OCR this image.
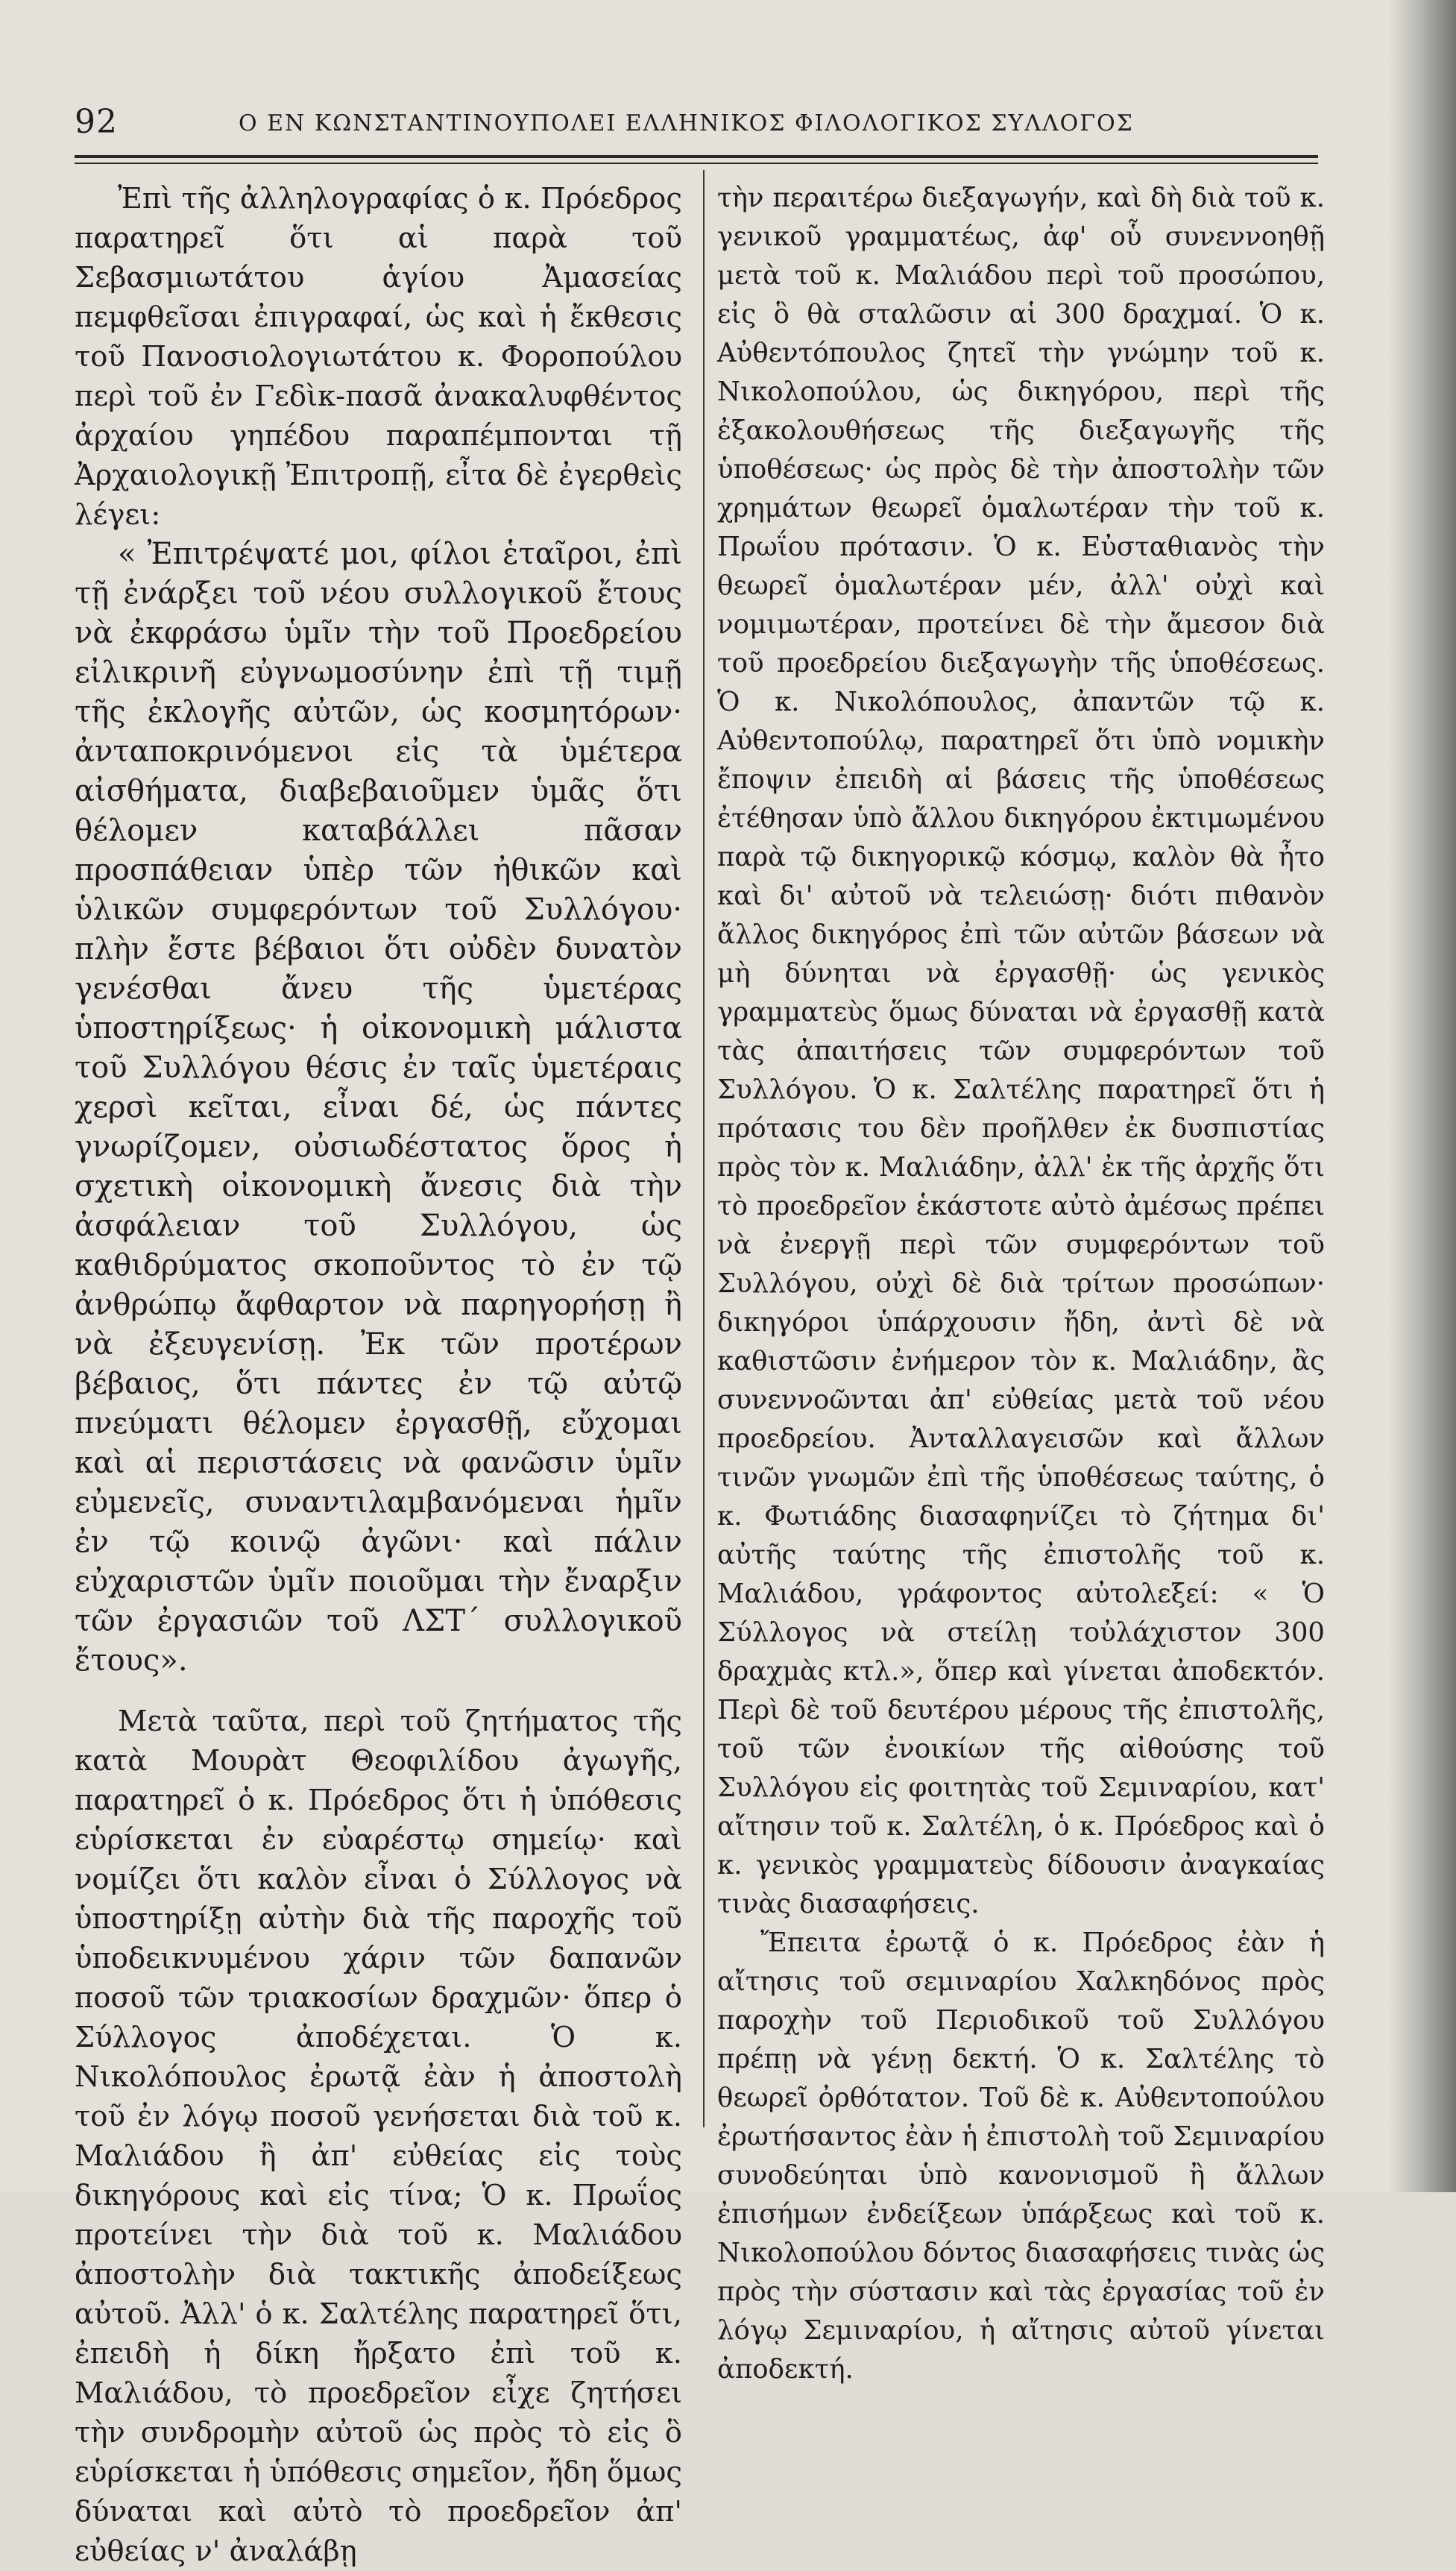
92	Ο ΕΝ ΚΩΝΣΤΑΝΤΙΝΟΥΠΟΛΕΙ ΕΛΛΗΝΙΚΟΣ ΦΙΛΟΛΟΓΙΚΟΣ ΣΥΛΛΟΓΟΣ

Ἐπὶ τῆς ἀλληλογραφίας ὁ κ. Πρόεδρος παρατηρεῖ ὅτι αἱ παρὰ τοῦ Σεβασμιωτάτου ἁγίου Ἀμασείας πεμφθεῖσαι ἐπιγραφαί, ὡς καὶ ἡ ἔκθεσις τοῦ Πανοσιολογιωτάτου κ. Φοροπούλου περὶ τοῦ ἐν Γεδὶκ-πασᾶ ἀνακαλυφθέντος ἀρχαίου γηπέδου παραπέμπονται τῇ Ἀρχαιολογικῇ Ἐπιτροπῇ, εἶτα δὲ ἐγερθεὶς λέγει:

« Ἐπιτρέψατέ μοι, φίλοι ἑταῖροι, ἐπὶ τῇ ἐνάρξει τοῦ νέου συλλογικοῦ ἔτους νὰ ἐκφράσω ὑμῖν τὴν τοῦ Προεδρείου εἰλικρινῆ εὐγνωμοσύνην ἐπὶ τῇ τιμῇ τῆς ἐκλογῆς αὐτῶν, ὡς κοσμητόρων· ἀνταποκρινόμενοι εἰς τὰ ὑμέτερα αἰσθήματα, διαβεβαιοῦμεν ὑμᾶς ὅτι θέλομεν καταβάλλει πᾶσαν προσπάθειαν ὑπὲρ τῶν ἠθικῶν καὶ ὑλικῶν συμφερόντων τοῦ Συλλόγου· πλὴν ἔστε βέβαιοι ὅτι οὐδὲν δυνατὸν γενέσθαι ἄνευ τῆς ὑμετέρας ὑποστηρίξεως· ἡ οἰκονομικὴ μάλιστα τοῦ Συλλόγου θέσις ἐν ταῖς ὑμετέραις χερσὶ κεῖται, εἶναι δέ, ὡς πάντες γνωρίζομεν, οὐσιωδέστατος ὅρος ἡ σχετικὴ οἰκονομικὴ ἄνεσις διὰ τὴν ἀσφάλειαν τοῦ Συλλόγου, ὡς καθιδρύματος σκοποῦντος τὸ ἐν τῷ ἀνθρώπῳ ἄφθαρτον νὰ παρηγορήσῃ ἢ νὰ ἐξευγενίσῃ. Ἐκ τῶν προτέρων βέβαιος, ὅτι πάντες ἐν τῷ αὐτῷ πνεύματι θέλομεν ἐργασθῇ, εὔχομαι καὶ αἱ περιστάσεις νὰ φανῶσιν ὑμῖν εὐμενεῖς, συναντιλαμβανόμεναι ἡμῖν ἐν τῷ κοινῷ ἀγῶνι· καὶ πάλιν εὐχαριστῶν ὑμῖν ποιοῦμαι τὴν ἔναρξιν τῶν ἐργασιῶν τοῦ ΛΣΤ´ συλλογικοῦ ἔτους».

Μετὰ ταῦτα, περὶ τοῦ ζητήματος τῆς κατὰ Μουρὰτ Θεοφιλίδου ἀγωγῆς, παρατηρεῖ ὁ κ. Πρόεδρος ὅτι ἡ ὑπόθεσις εὑρίσκεται ἐν εὐαρέστῳ σημείῳ· καὶ νομίζει ὅτι καλὸν εἶναι ὁ Σύλλογος νὰ ὑποστηρίξῃ αὐτὴν διὰ τῆς παροχῆς τοῦ ὑποδεικνυμένου χάριν τῶν δαπανῶν ποσοῦ τῶν τριακοσίων δραχμῶν· ὅπερ ὁ Σύλλογος ἀποδέχεται. Ὁ κ. Νικολόπουλος ἐρωτᾷ ἐὰν ἡ ἀποστολὴ τοῦ ἐν λόγῳ ποσοῦ γενήσεται διὰ τοῦ κ. Μαλιάδου ἢ ἀπ' εὐθείας εἰς τοὺς δικηγόρους καὶ εἰς τίνα; Ὁ κ. Πρωΐος προτείνει τὴν διὰ τοῦ κ. Μαλιάδου ἀποστολὴν διὰ τακτικῆς ἀποδείξεως αὐτοῦ. Ἀλλ' ὁ κ. Σαλτέλης παρατηρεῖ ὅτι, ἐπειδὴ ἡ δίκη ἤρξατο ἐπὶ τοῦ κ. Μαλιάδου, τὸ προεδρεῖον εἶχε ζητήσει τὴν συνδρομὴν αὐτοῦ ὡς πρὸς τὸ εἰς ὃ εὑρίσκεται ἡ ὑπόθεσις σημεῖον, ἤδη ὅμως δύναται καὶ αὐτὸ τὸ προεδρεῖον ἀπ' εὐθείας ν' ἀναλάβῃ

τὴν περαιτέρω διεξαγωγήν, καὶ δὴ διὰ τοῦ κ. γενικοῦ γραμματέως, ἀφ' οὗ συνεννοηθῇ μετὰ τοῦ κ. Μαλιάδου περὶ τοῦ προσώπου, εἰς ὃ θὰ σταλῶσιν αἱ 300 δραχμαί. Ὁ κ. Αὐθεντόπουλος ζητεῖ τὴν γνώμην τοῦ κ. Νικολοπούλου, ὡς δικηγόρου, περὶ τῆς ἐξακολουθήσεως τῆς διεξαγωγῆς τῆς ὑποθέσεως· ὡς πρὸς δὲ τὴν ἀποστολὴν τῶν χρημάτων θεωρεῖ ὁμαλωτέραν τὴν τοῦ κ. Πρωΐου πρότασιν. Ὁ κ. Εὐσταθιανὸς τὴν θεωρεῖ ὁμαλωτέραν μέν, ἀλλ' οὐχὶ καὶ νομιμωτέραν, προτείνει δὲ τὴν ἄμεσον διὰ τοῦ προεδρείου διεξαγωγὴν τῆς ὑποθέσεως. Ὁ κ. Νικολόπουλος, ἀπαντῶν τῷ κ. Αὐθεντοπούλῳ, παρατηρεῖ ὅτι ὑπὸ νομικὴν ἔποψιν ἐπειδὴ αἱ βάσεις τῆς ὑποθέσεως ἐτέθησαν ὑπὸ ἄλλου δικηγόρου ἐκτιμωμένου παρὰ τῷ δικηγορικῷ κόσμῳ, καλὸν θὰ ἦτο καὶ δι' αὐτοῦ νὰ τελειώσῃ· διότι πιθανὸν ἄλλος δικηγόρος ἐπὶ τῶν αὐτῶν βάσεων νὰ μὴ δύνηται νὰ ἐργασθῇ· ὡς γενικὸς γραμματεὺς ὅμως δύναται νὰ ἐργασθῇ κατὰ τὰς ἀπαιτήσεις τῶν συμφερόντων τοῦ Συλλόγου. Ὁ κ. Σαλτέλης παρατηρεῖ ὅτι ἡ πρότασις του δὲν προῆλθεν ἐκ δυσπιστίας πρὸς τὸν κ. Μαλιάδην, ἀλλ' ἐκ τῆς ἀρχῆς ὅτι τὸ προεδρεῖον ἑκάστοτε αὐτὸ ἀμέσως πρέπει νὰ ἐνεργῇ περὶ τῶν συμφερόντων τοῦ Συλλόγου, οὐχὶ δὲ διὰ τρίτων προσώπων· δικηγόροι ὑπάρχουσιν ἤδη, ἀντὶ δὲ νὰ καθιστῶσιν ἐνήμερον τὸν κ. Μαλιάδην, ἂς συνεννοῶνται ἀπ' εὐθείας μετὰ τοῦ νέου προεδρείου. Ἀνταλλαγεισῶν καὶ ἄλλων τινῶν γνωμῶν ἐπὶ τῆς ὑποθέσεως ταύτης, ὁ κ. Φωτιάδης διασαφηνίζει τὸ ζήτημα δι' αὐτῆς ταύτης τῆς ἐπιστολῆς τοῦ κ. Μαλιάδου, γράφοντος αὐτολεξεί: « Ὁ Σύλλογος νὰ στείλῃ τοὐλάχιστον 300 δραχμὰς κτλ.», ὅπερ καὶ γίνεται ἀποδεκτόν. Περὶ δὲ τοῦ δευτέρου μέρους τῆς ἐπιστολῆς, τοῦ τῶν ἐνοικίων τῆς αἰθούσης τοῦ Συλλόγου εἰς φοιτητὰς τοῦ Σεμιναρίου, κατ' αἴτησιν τοῦ κ. Σαλτέλη, ὁ κ. Πρόεδρος καὶ ὁ κ. γενικὸς γραμματεὺς δίδουσιν ἀναγκαίας τινὰς διασαφήσεις.

Ἔπειτα ἐρωτᾷ ὁ κ. Πρόεδρος ἐὰν ἡ αἴτησις τοῦ σεμιναρίου Χαλκηδόνος πρὸς παροχὴν τοῦ Περιοδικοῦ τοῦ Συλλόγου πρέπῃ νὰ γένῃ δεκτή. Ὁ κ. Σαλτέλης τὸ θεωρεῖ ὀρθότατον. Τοῦ δὲ κ. Αὐθεντοπούλου ἐρωτήσαντος ἐὰν ἡ ἐπιστολὴ τοῦ Σεμιναρίου συνοδεύηται ὑπὸ κανονισμοῦ ἢ ἄλλων ἐπισήμων ἐνδείξεων ὑπάρξεως καὶ τοῦ κ. Νικολοπούλου δόντος διασαφήσεις τινὰς ὡς πρὸς τὴν σύστασιν καὶ τὰς ἐργασίας τοῦ ἐν λόγῳ Σεμιναρίου, ἡ αἴτησις αὐτοῦ γίνεται ἀποδεκτή.
